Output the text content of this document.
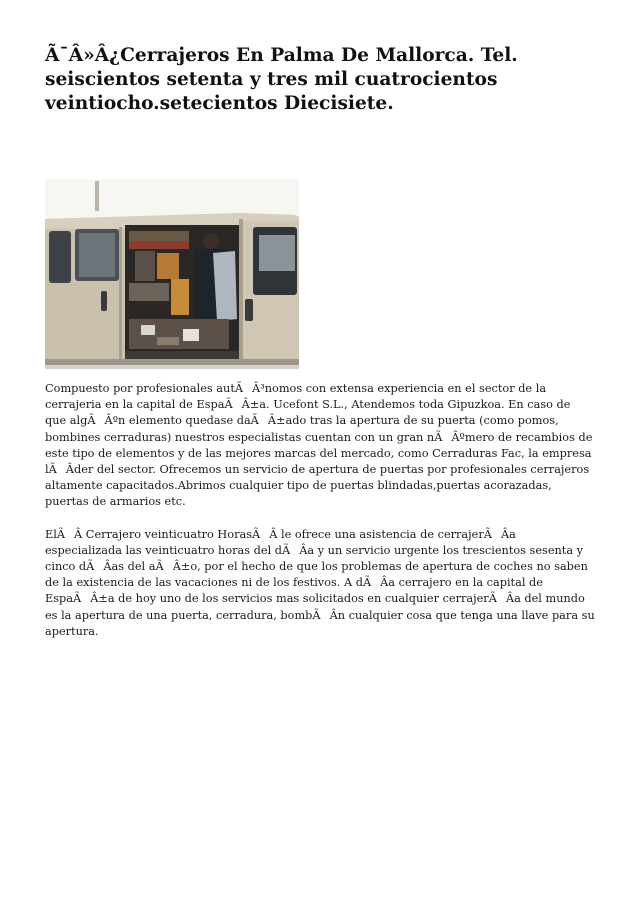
Ã¯Â»Â¿Cerrajeros En Palma De Mallorca. Tel. seiscientos setenta y tres mil cuatrocientos veintiocho.setecientos Diecisiete.

Compuesto por profesionales autÃÂ³nomos con extensa experiencia en el sector de la cerrajeria en la capital de EspaÃÂ±a. Ucefont S.L., Atendemos toda Gipuzkoa. En caso de que algÃÂºn elemento quedase daÃÂ±ado tras la apertura de su puerta (como pomos, bombines cerraduras) nuestros especialistas cuentan con un gran nÃÂºmero de recambios de este tipo de elementos y de las mejores marcas del mercado, como Cerraduras Fac, la empresa lÃÂder del sector. Ofrecemos un servicio de apertura de puertas por profesionales cerrajeros altamente capacitados.Abrimos cualquier tipo de puertas blindadas,puertas acorazadas, puertas de armarios etc.

ElÃÂ Cerrajero veinticuatro HorasÃÂ le ofrece una asistencia de cerrajerÃÂa especializada las veinticuatro horas del dÃÂa y un servicio urgente los trescientos sesenta y cinco dÃÂas del aÃÂ±o, por el hecho de que los problemas de apertura de coches no saben de la existencia de las vacaciones ni de los festivos. A dÃÂa cerrajero en la capital de EspaÃÂ±a de hoy uno de los servicios mas solicitados en cualquier cerrajerÃÂa del mundo es la apertura de una puerta, cerradura, bombÃÂn cualquier cosa que tenga una llave para su apertura.
